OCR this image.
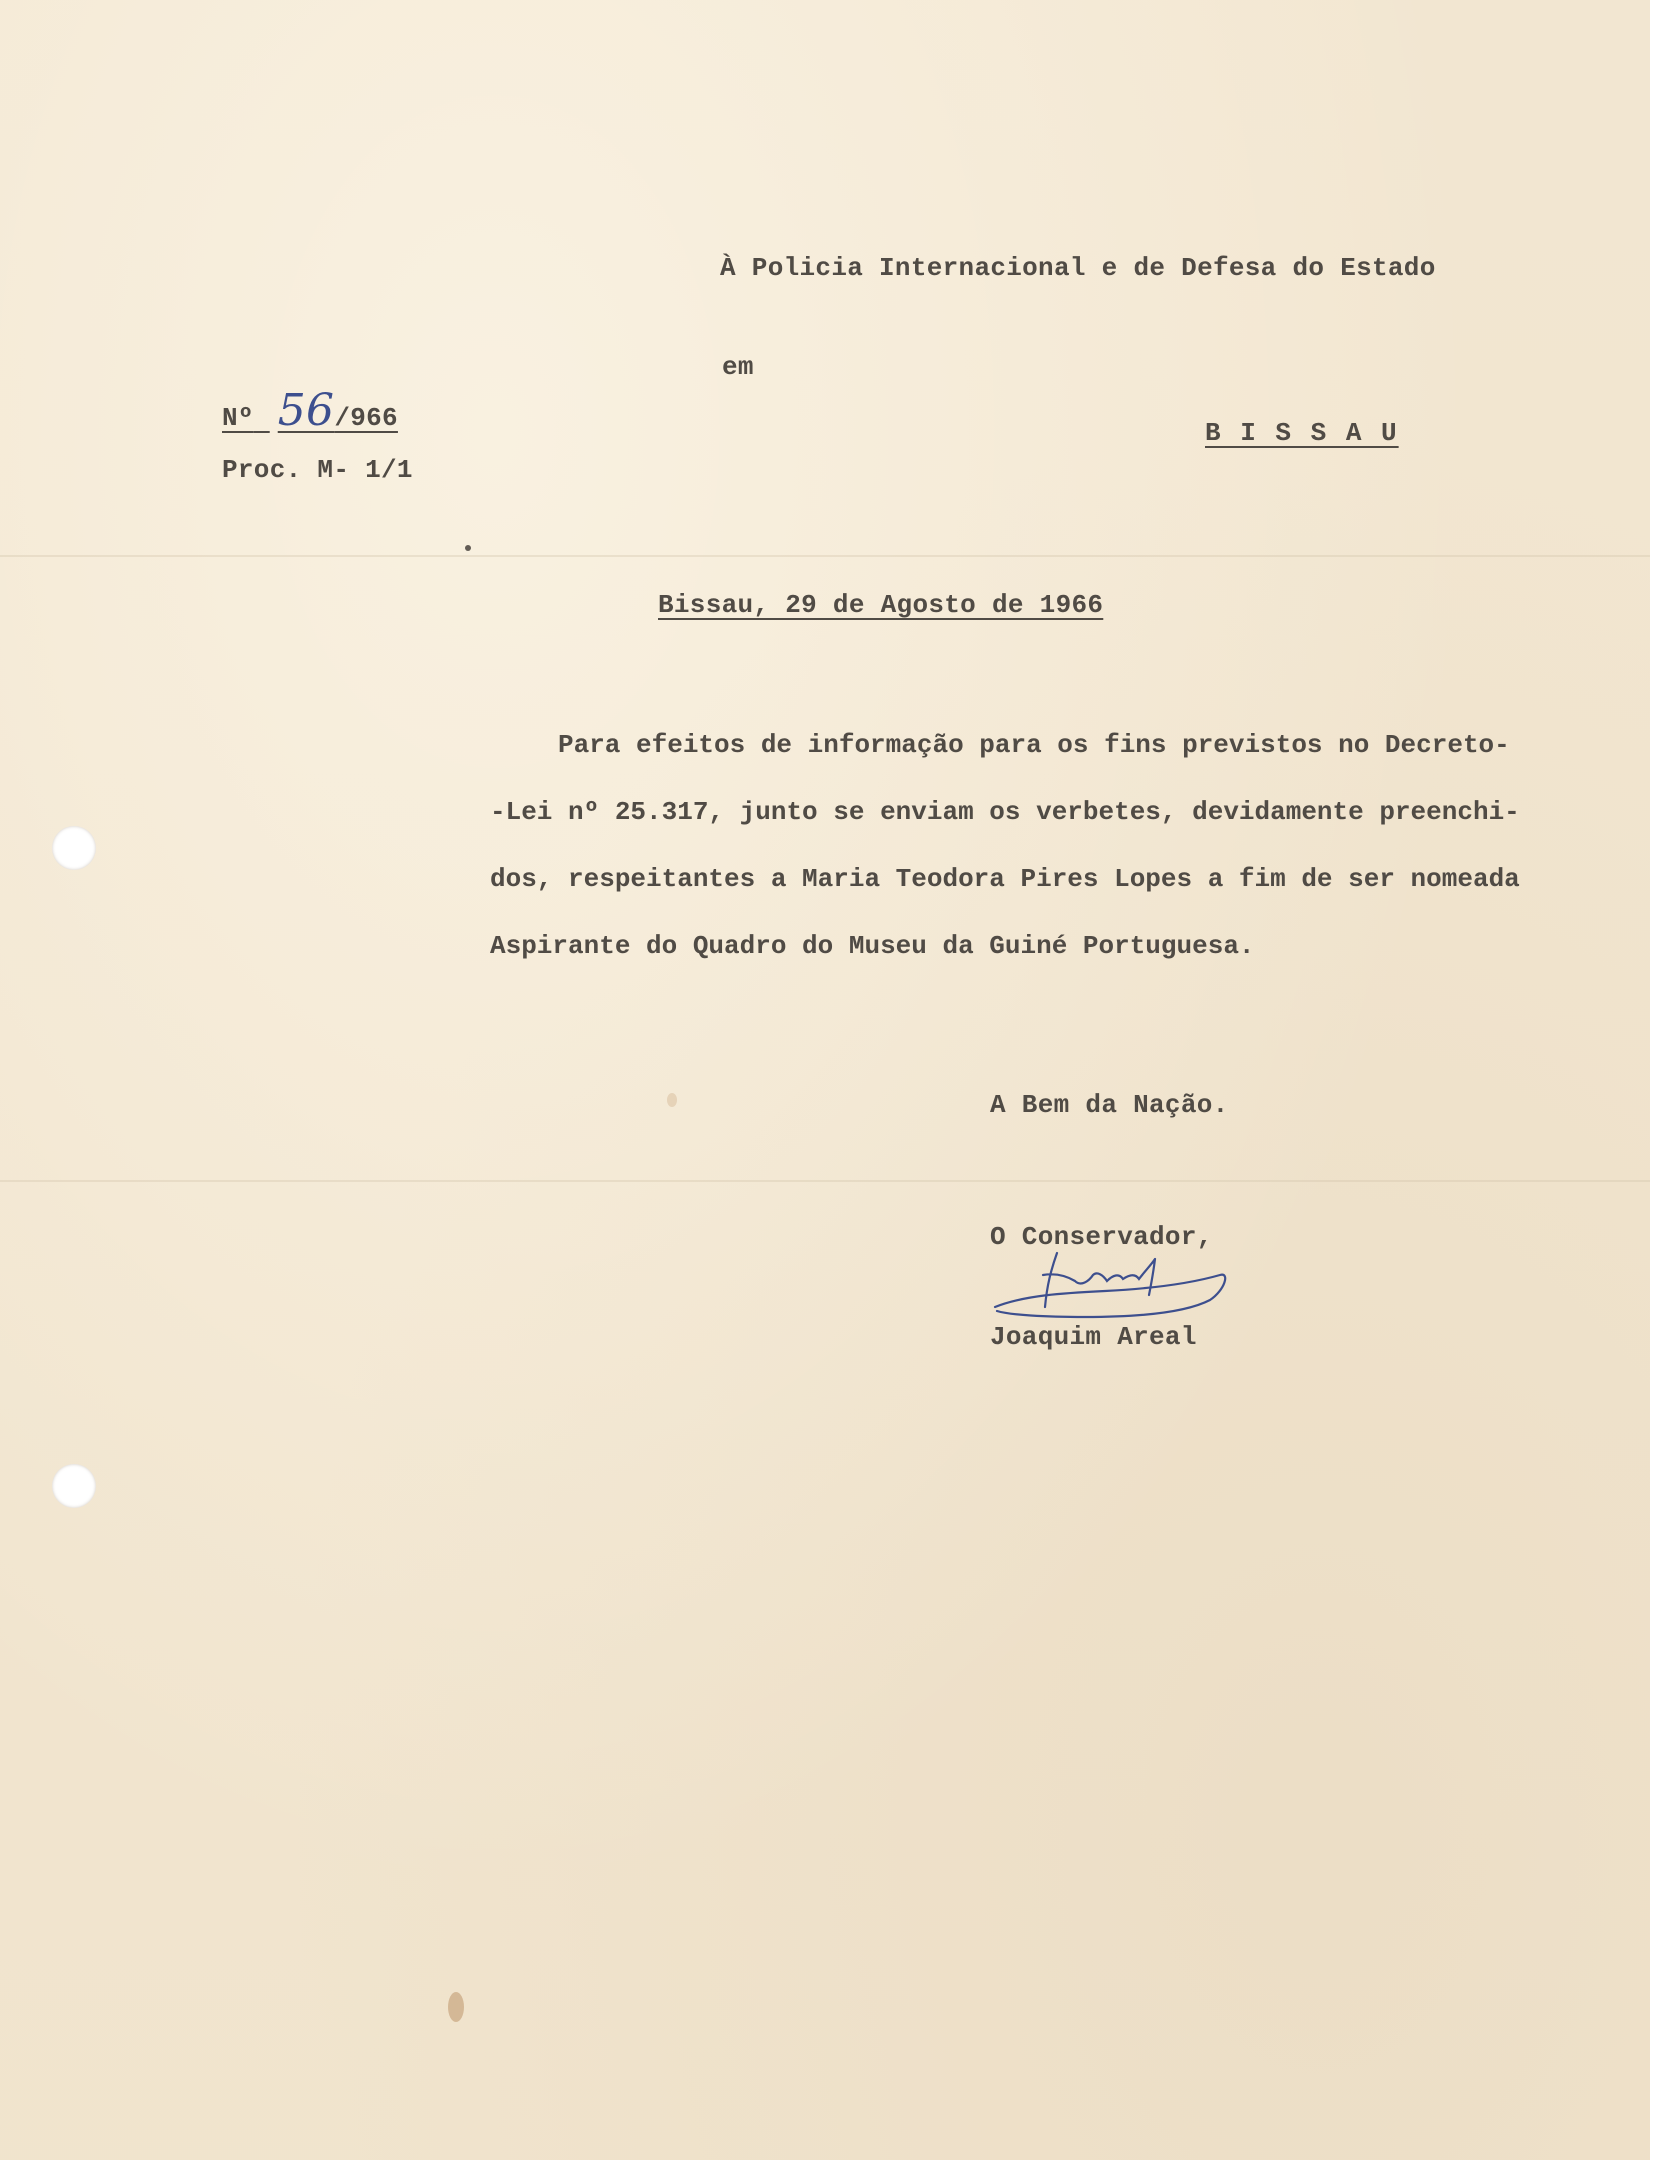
À Policia Internacional e de Defesa do Estado
em
B I S S A U
Nº 56/966
Proc. M- 1/1
Bissau, 29 de Agosto de 1966
Para efeitos de informação para os fins previstos no Decreto-
-Lei nº 25.317, junto se enviam os verbetes, devidamente preenchi-
dos, respeitantes a Maria Teodora Pires Lopes a fim de ser nomeada
Aspirante do Quadro do Museu da Guiné Portuguesa.
A Bem da Nação.
O Conservador,
Joaquim Areal
